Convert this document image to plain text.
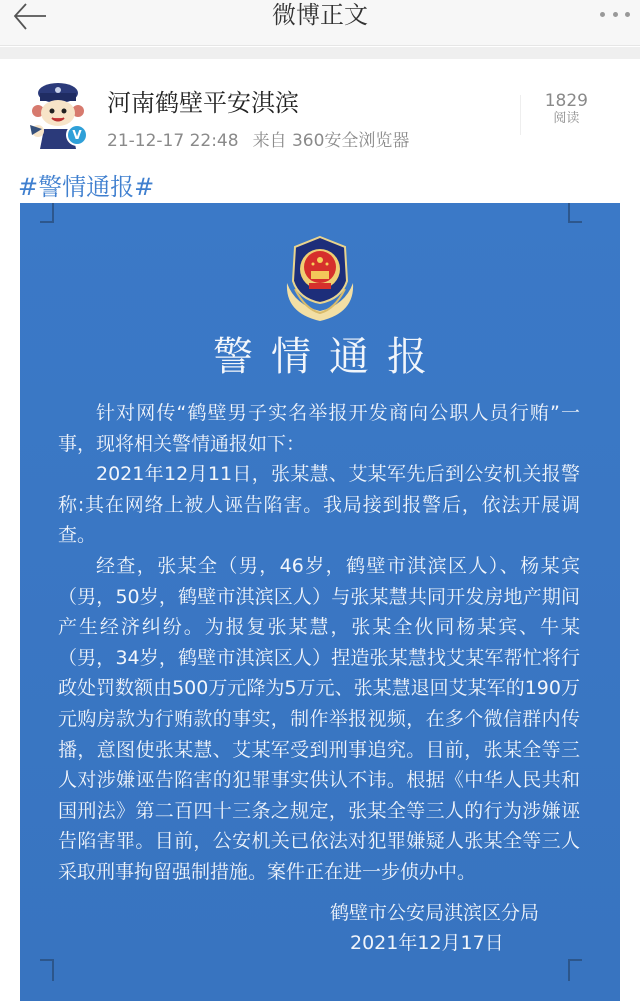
微博正文
V
河南鹤壁平安淇滨
21-12-17 22:48 来自 360安全浏览器
1829
阅读
#警情通报#
警情通报

针对网传“鹤壁男子实名举报开发商向公职人员行贿”一事，现将相关警情通报如下：

2021年12月11日，张某慧、艾某军先后到公安机关报警称:其在网络上被人诬告陷害。我局接到报警后，依法开展调查。

经查，张某全（男，46岁，鹤壁市淇滨区人）、杨某宾（男，50岁，鹤壁市淇滨区人）与张某慧共同开发房地产期间产生经济纠纷。为报复张某慧，张某全伙同杨某宾、牛某（男，34岁，鹤壁市淇滨区人）捏造张某慧找艾某军帮忙将行政处罚数额由500万元降为5万元、张某慧退回艾某军的190万元购房款为行贿款的事实，制作举报视频，在多个微信群内传播，意图使张某慧、艾某军受到刑事追究。目前，张某全等三人对涉嫌诬告陷害的犯罪事实供认不讳。根据《中华人民共和国刑法》第二百四十三条之规定，张某全等三人的行为涉嫌诬告陷害罪。目前，公安机关已依法对犯罪嫌疑人张某全等三人采取刑事拘留强制措施。案件正在进一步侦办中。

鹤壁市公安局淇滨区分局
2021年12月17日
